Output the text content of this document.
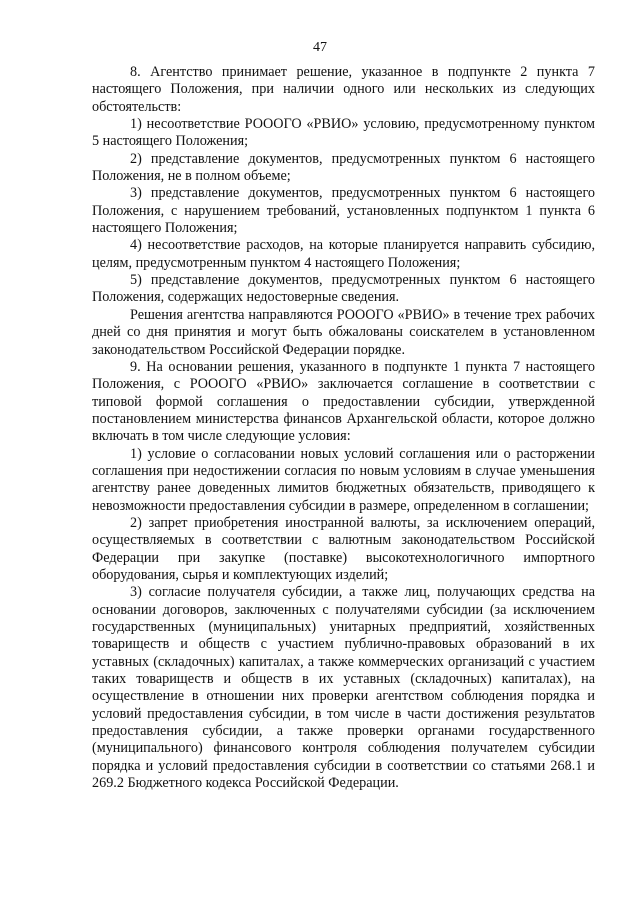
47

8. Агентство принимает решение, указанное в подпункте 2 пункта 7 настоящего Положения, при наличии одного или нескольких из следующих обстоятельств:

1) несоответствие РОООГО «РВИО» условию, предусмотренному пунктом 5 настоящего Положения;

2) представление документов, предусмотренных пунктом 6 настоящего Положения, не в полном объеме;

3) представление документов, предусмотренных пунктом 6 настоящего Положения, с нарушением требований, установленных подпунктом 1 пункта 6 настоящего Положения;

4) несоответствие расходов, на которые планируется направить субсидию, целям, предусмотренным пунктом 4 настоящего Положения;

5) представление документов, предусмотренных пунктом 6 настоящего Положения, содержащих недостоверные сведения.

Решения агентства направляются РОООГО «РВИО» в течение трех рабочих дней со дня принятия и могут быть обжалованы соискателем в установленном законодательством Российской Федерации порядке.

9. На основании решения, указанного в подпункте 1 пункта 7 настоящего Положения, с РОООГО «РВИО» заключается соглашение в соответствии с типовой формой соглашения о предоставлении субсидии, утвержденной постановлением министерства финансов Архангельской области, которое должно включать в том числе следующие условия:

1) условие о согласовании новых условий соглашения или о расторжении соглашения при недостижении согласия по новым условиям в случае уменьшения агентству ранее доведенных лимитов бюджетных обязательств, приводящего к невозможности предоставления субсидии в размере, определенном в соглашении;

2) запрет приобретения иностранной валюты, за исключением операций, осуществляемых в соответствии с валютным законодательством Российской Федерации при закупке (поставке) высокотехнологичного импортного оборудования, сырья и комплектующих изделий;

3) согласие получателя субсидии, а также лиц, получающих средства на основании договоров, заключенных с получателями субсидии (за исключением государственных (муниципальных) унитарных предприятий, хозяйственных товариществ и обществ с участием публично-правовых образований в их уставных (складочных) капиталах, а также коммерческих организаций с участием таких товариществ и обществ в их уставных (складочных) капиталах), на осуществление в отношении них проверки агентством соблюдения порядка и условий предоставления субсидии, в том числе в части достижения результатов предоставления субсидии, а также проверки органами государственного (муниципального) финансового контроля соблюдения получателем субсидии порядка и условий предоставления субсидии в соответствии со статьями 268.1 и 269.2 Бюджетного кодекса Российской Федерации.
